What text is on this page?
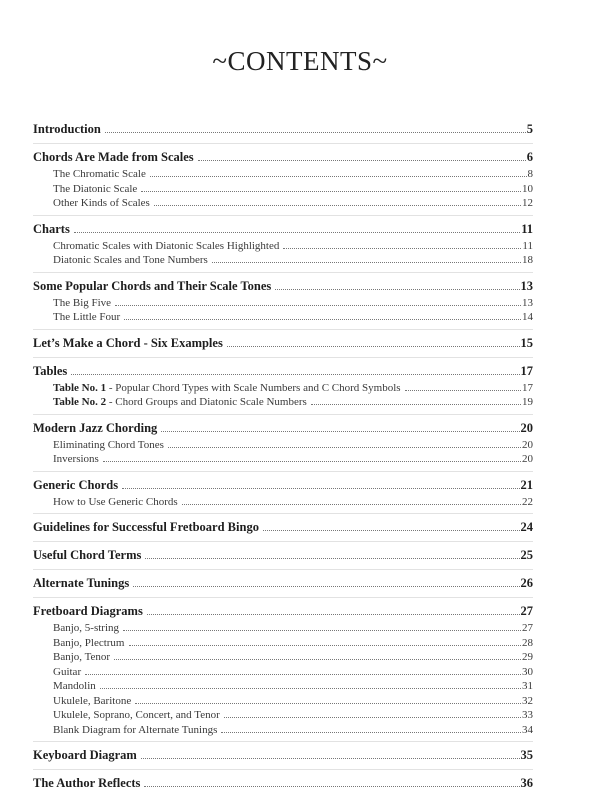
~CONTENTS~
Introduction	5
Chords Are Made from Scales	6
The Chromatic Scale	8
The Diatonic Scale	10
Other Kinds of Scales	12
Charts	11
Chromatic Scales with Diatonic Scales Highlighted	11
Diatonic Scales and Tone Numbers	18
Some Popular Chords and Their Scale Tones	13
The Big Five	13
The Little Four	14
Let’s Make a Chord - Six Examples	15
Tables	17
Table No. 1 - Popular Chord Types with Scale Numbers and C Chord Symbols	17
Table No. 2 - Chord Groups and Diatonic Scale Numbers	19
Modern Jazz Chording	20
Eliminating Chord Tones	20
Inversions	20
Generic Chords	21
How to Use Generic Chords	22
Guidelines for Successful Fretboard Bingo	24
Useful Chord Terms	25
Alternate Tunings	26
Fretboard Diagrams	27
Banjo, 5-string	27
Banjo, Plectrum	28
Banjo, Tenor	29
Guitar	30
Mandolin	31
Ukulele, Baritone	32
Ukulele, Soprano, Concert, and Tenor	33
Blank Diagram for Alternate Tunings	34
Keyboard Diagram	35
The Author Reflects	36
